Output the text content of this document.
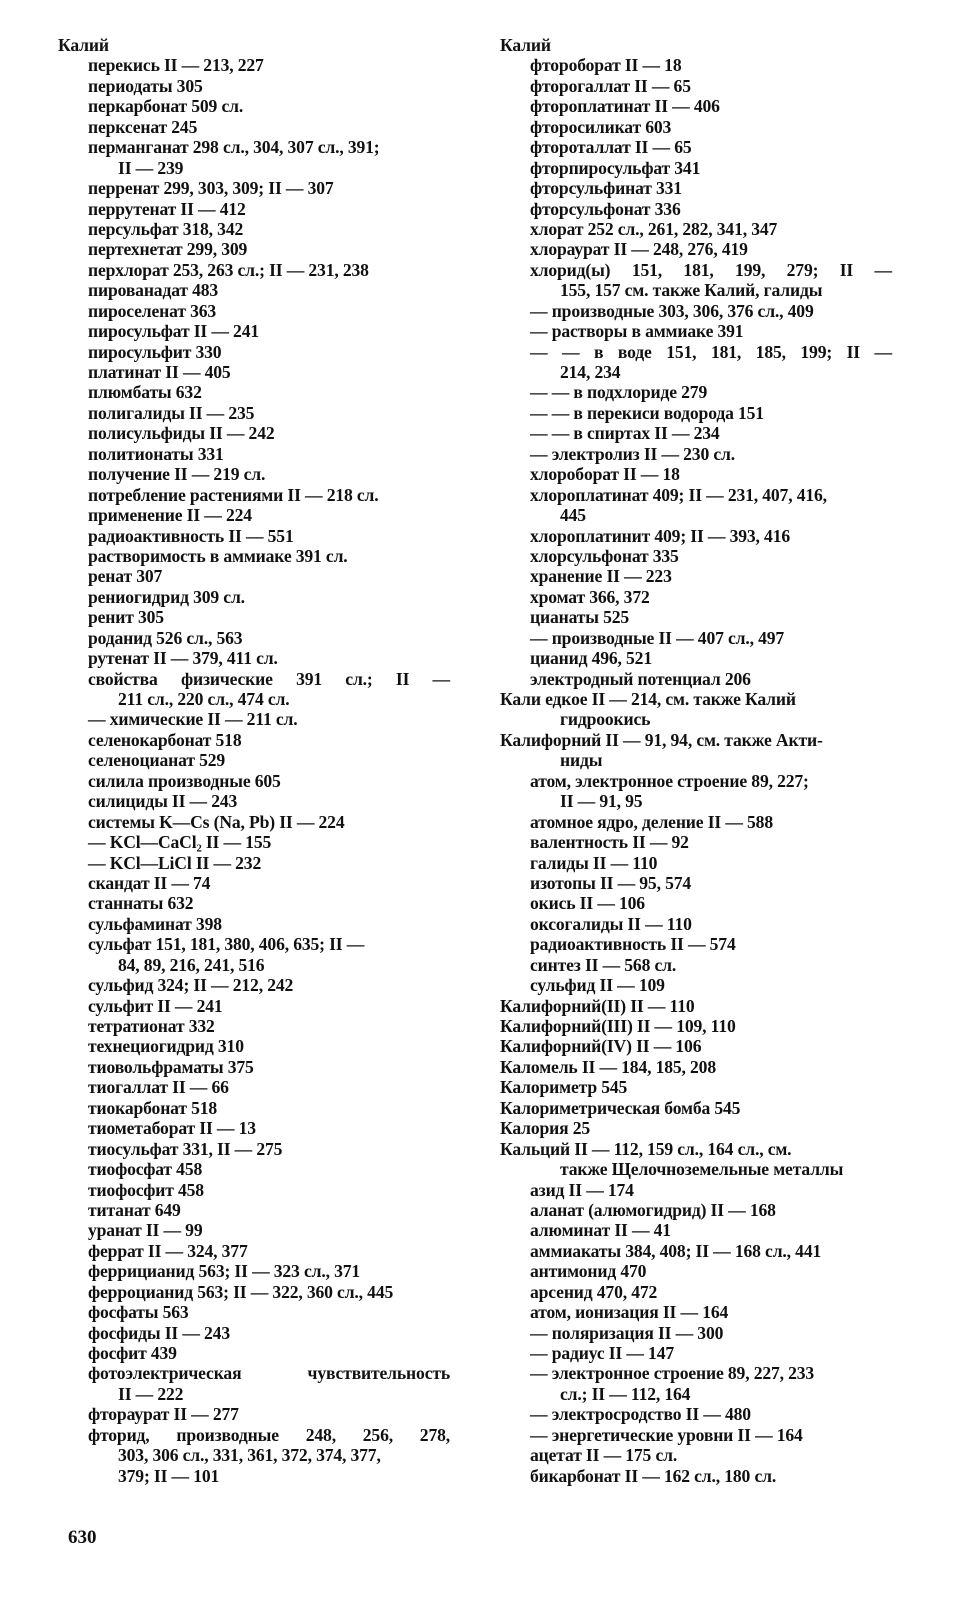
Калий
перекись II — 213, 227
периодаты 305
перкарбонат 509 сл.
перксенат 245
перманганат 298 сл., 304, 307 сл., 391;
II — 239
перренат 299, 303, 309; II — 307
перрутенат II — 412
персульфат 318, 342
пертехнетат 299, 309
перхлорат 253, 263 сл.; II — 231, 238
пированадат 483
пироселенат 363
пиросульфат II — 241
пиросульфит 330
платинат II — 405
плюмбаты 632
полигалиды II — 235
полисульфиды II — 242
политионаты 331
получение II — 219 сл.
потребление растениями II — 218 сл.
применение II — 224
радиоактивность II — 551
растворимость в аммиаке 391 сл.
ренат 307
рениогидрид 309 сл.
ренит 305
роданид 526 сл., 563
рутенат II — 379, 411 сл.
свойства физические 391 сл.; II —
211 сл., 220 сл., 474 сл.
— химические II — 211 сл.
селенокарбонат 518
селеноцианат 529
силила производные 605
силициды II — 243
системы K—Cs (Na, Pb) II — 224
— KCl—CaCl₂ II — 155
— KCl—LiCl II — 232
скандат II — 74
станнаты 632
сульфаминат 398
сульфат 151, 181, 380, 406, 635; II —
84, 89, 216, 241, 516
сульфид 324; II — 212, 242
сульфит II — 241
тетратионат 332
технециогидрид 310
тиовольфраматы 375
тиогаллат II — 66
тиокарбонат 518
тиометаборат II — 13
тиосульфат 331, II — 275
тиофосфат 458
тиофосфит 458
титанат 649
уранат II — 99
феррат II — 324, 377
феррицианид 563; II — 323 сл., 371
ферроцианид 563; II — 322, 360 сл., 445
фосфаты 563
фосфиды II — 243
фосфит 439
фотоэлектрическая чувствительность
II — 222
фтораурат II — 277
фторид, производные 248, 256, 278,
303, 306 сл., 331, 361, 372, 374, 377,
379; II — 101
Калий
фтороборат II — 18
фторогаллат II — 65
фтороплатинат II — 406
фторосиликат 603
фтороталлат II — 65
фторпиросульфат 341
фторсульфинат 331
фторсульфонат 336
хлорат 252 сл., 261, 282, 341, 347
хлораурат II — 248, 276, 419
хлорид(ы) 151, 181, 199, 279; II —
155, 157 см. также Калий, галиды
— производные 303, 306, 376 сл., 409
— растворы в аммиаке 391
— — в воде 151, 181, 185, 199; II —
214, 234
— — в подхлориде 279
— — в перекиси водорода 151
— — в спиртах II — 234
— электролиз II — 230 сл.
хлоробoрат II — 18
хлороплатинат 409; II — 231, 407, 416,
445
хлороплатинит 409; II — 393, 416
хлорсульфонат 335
хранение II — 223
хромат 366, 372
цианаты 525
— производные II — 407 сл., 497
цианид 496, 521
электродный потенциал 206
Кали едкое II — 214, см. также Калий
гидроокись
Калифорний II — 91, 94, см. также Акти-
ниды
атом, электронное строение 89, 227;
II — 91, 95
атомное ядро, деление II — 588
валентность II — 92
галиды II — 110
изотопы II — 95, 574
окись II — 106
оксогалиды II — 110
радиоактивность II — 574
синтез II — 568 сл.
сульфид II — 109
Калифорний(II) II — 110
Калифорний(III) II — 109, 110
Калифорний(IV) II — 106
Каломель II — 184, 185, 208
Калориметр 545
Калориметрическая бомба 545
Калория 25
Кальций II — 112, 159 сл., 164 сл., см.
также Щелочноземельные металлы
азид II — 174
аланат (алюмогидрид) II — 168
алюминат II — 41
аммиакаты 384, 408; II — 168 сл., 441
антимонид 470
арсенид 470, 472
атом, ионизация II — 164
— поляризация II — 300
— радиус II — 147
— электронное строение 89, 227, 233
сл.; II — 112, 164
— электросродство II — 480
— энергетические уровни II — 164
ацетат II — 175 сл.
бикарбонат II — 162 сл., 180 сл.
630
